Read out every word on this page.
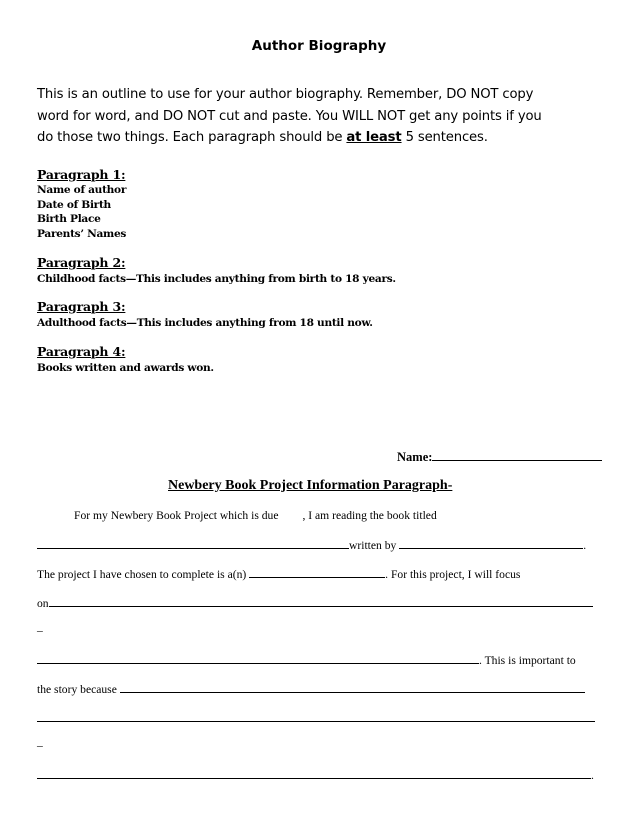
Author Biography
This is an outline to use for your author biography. Remember, DO NOT copy
word for word, and DO NOT cut and paste. You WILL NOT get any points if you
do those two things. Each paragraph should be at least 5 sentences.
Paragraph 1:
Name of author
Date of Birth
Birth Place
Parents’ Names
Paragraph 2:
Childhood facts—This includes anything from birth to 18 years.
Paragraph 3:
Adulthood facts—This includes anything from 18 until now.
Paragraph 4:
Books written and awards won.
Name:
Newbery Book Project Information Paragraph-
For my Newbery Book Project which is due , I am reading the book titled
written by	.
The project I have chosen to complete is a(n)	. For this project, I will focus
on
–
. This is important to
the story because
–
.
